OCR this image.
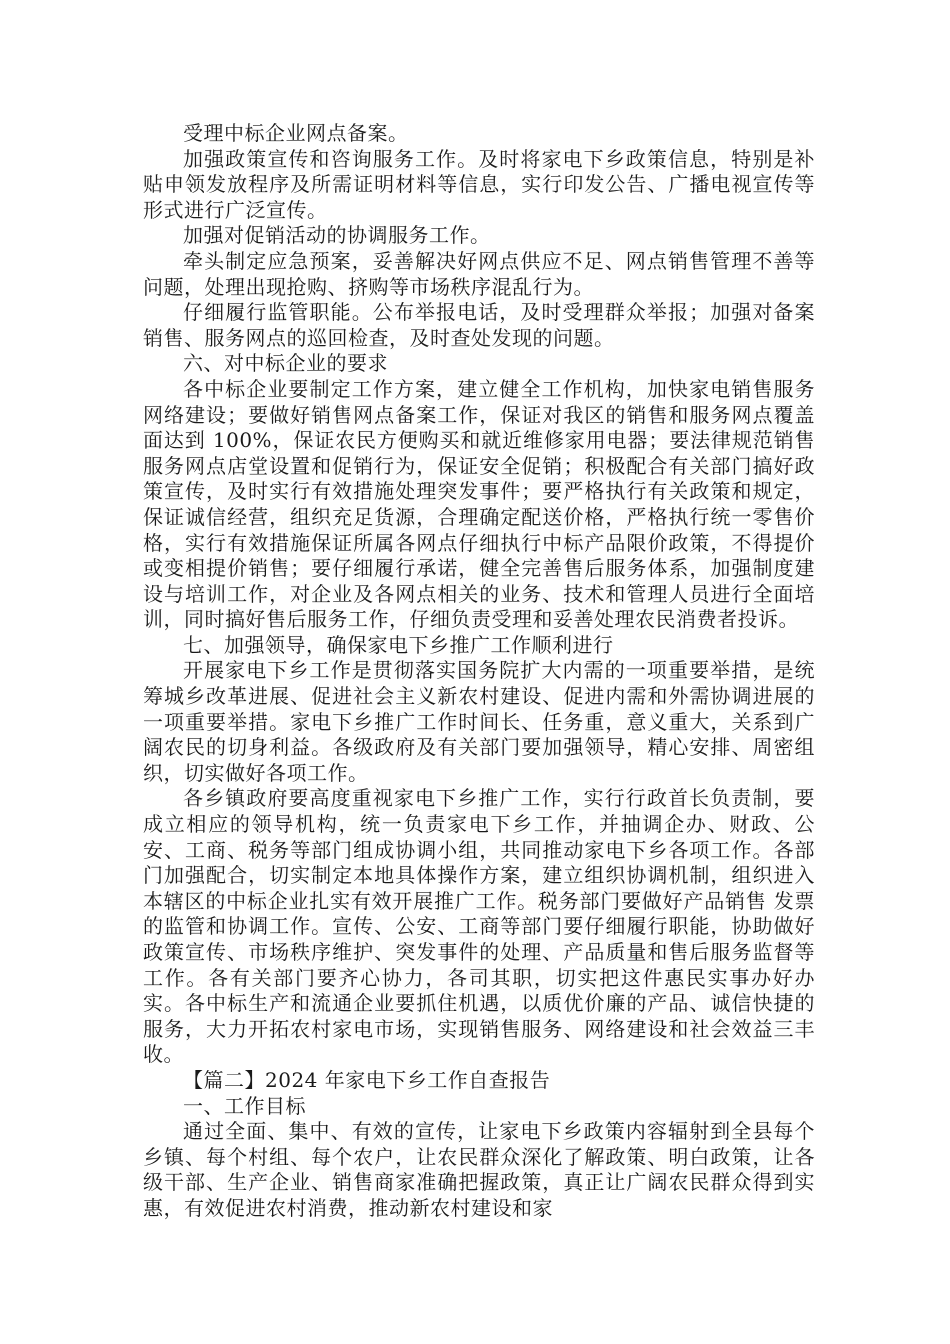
受理中标企业网点备案。

加强政策宣传和咨询服务工作。及时将家电下乡政策信息，特别是补贴申领发放程序及所需证明材料等信息，实行印发公告、广播电视宣传等形式进行广泛宣传。

加强对促销活动的协调服务工作。

牵头制定应急预案，妥善解决好网点供应不足、网点销售管理不善等问题，处理出现抢购、挤购等市场秩序混乱行为。

仔细履行监管职能。公布举报电话，及时受理群众举报；加强对备案销售、服务网点的巡回检查，及时查处发现的问题。

六、对中标企业的要求

各中标企业要制定工作方案，建立健全工作机构，加快家电销售服务网络建设；要做好销售网点备案工作，保证对我区的销售和服务网点覆盖面达到 100%，保证农民方便购买和就近维修家用电器；要法律规范销售服务网点店堂设置和促销行为，保证安全促销；积极配合有关部门搞好政策宣传，及时实行有效措施处理突发事件；要严格执行有关政策和规定，保证诚信经营，组织充足货源，合理确定配送价格，严格执行统一零售价格，实行有效措施保证所属各网点仔细执行中标产品限价政策，不得提价或变相提价销售；要仔细履行承诺，健全完善售后服务体系，加强制度建设与培训工作，对企业及各网点相关的业务、技术和管理人员进行全面培训，同时搞好售后服务工作，仔细负责受理和妥善处理农民消费者投诉。

七、加强领导，确保家电下乡推广工作顺利进行

开展家电下乡工作是贯彻落实国务院扩大内需的一项重要举措，是统筹城乡改革进展、促进社会主义新农村建设、促进内需和外需协调进展的一项重要举措。家电下乡推广工作时间长、任务重，意义重大，关系到广阔农民的切身利益。各级政府及有关部门要加强领导，精心安排、周密组织，切实做好各项工作。

各乡镇政府要高度重视家电下乡推广工作，实行行政首长负责制，要成立相应的领导机构，统一负责家电下乡工作，并抽调企办、财政、公安、工商、税务等部门组成协调小组，共同推动家电下乡各项工作。各部门加强配合，切实制定本地具体操作方案，建立组织协调机制，组织进入本辖区的中标企业扎实有效开展推广工作。税务部门要做好产品销售 发票的监管和协调工作。宣传、公安、工商等部门要仔细履行职能，协助做好政策宣传、市场秩序维护、突发事件的处理、产品质量和售后服务监督等工作。各有关部门要齐心协力，各司其职，切实把这件惠民实事办好办实。各中标生产和流通企业要抓住机遇，以质优价廉的产品、诚信快捷的服务，大力开拓农村家电市场，实现销售服务、网络建设和社会效益三丰收。

【篇二】2024 年家电下乡工作自查报告

一、工作目标

通过全面、集中、有效的宣传，让家电下乡政策内容辐射到全县每个乡镇、每个村组、每个农户，让农民群众深化了解政策、明白政策，让各级干部、生产企业、销售商家准确把握政策，真正让广阔农民群众得到实惠，有效促进农村消费，推动新农村建设和家
